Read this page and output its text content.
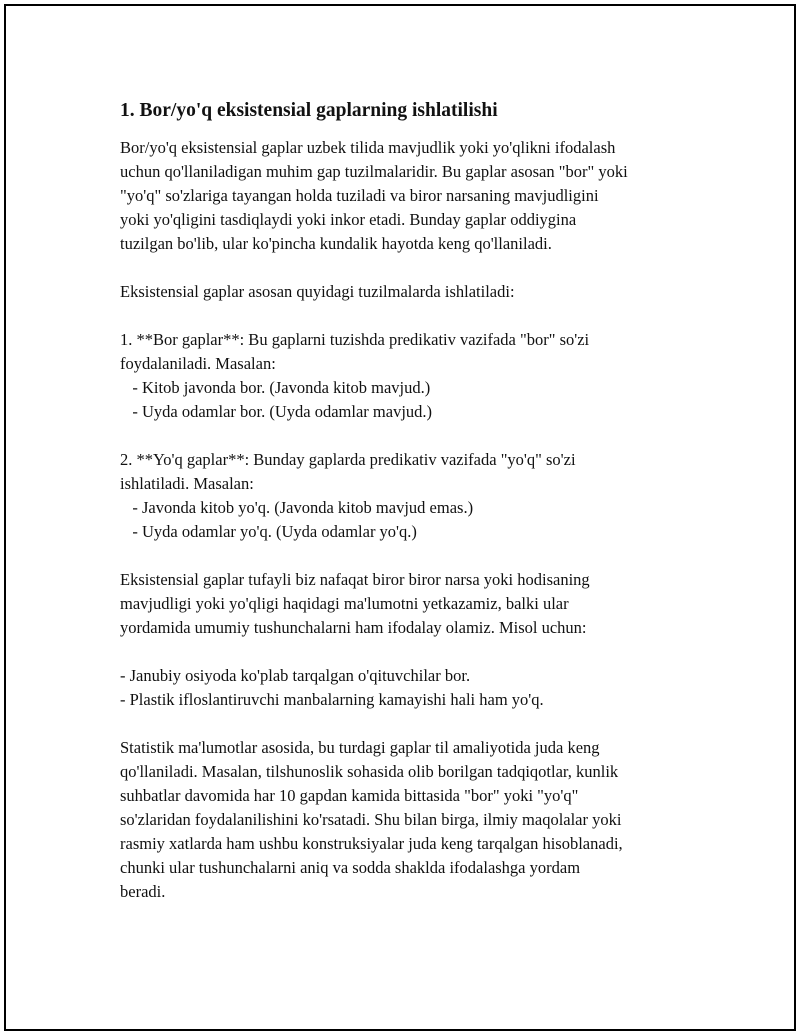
1. Bor/yo'q eksistensial gaplarning ishlatilishi

Bor/yo'q eksistensial gaplar uzbek tilida mavjudlik yoki yo'qlikni ifodalash
uchun qo'llaniladigan muhim gap tuzilmalaridir. Bu gaplar asosan "bor" yoki
"yo'q" so'zlariga tayangan holda tuziladi va biror narsaning mavjudligini
yoki yo'qligini tasdiqlaydi yoki inkor etadi. Bunday gaplar oddiygina
tuzilgan bo'lib, ular ko'pincha kundalik hayotda keng qo'llaniladi.

Eksistensial gaplar asosan quyidagi tuzilmalarda ishlatiladi:

1. **Bor gaplar**: Bu gaplarni tuzishda predikativ vazifada "bor" so'zi
foydalaniladi. Masalan:
- Kitob javonda bor. (Javonda kitob mavjud.)
- Uyda odamlar bor. (Uyda odamlar mavjud.)

2. **Yo'q gaplar**: Bunday gaplarda predikativ vazifada "yo'q" so'zi
ishlatiladi. Masalan:
- Javonda kitob yo'q. (Javonda kitob mavjud emas.)
- Uyda odamlar yo'q. (Uyda odamlar yo'q.)

Eksistensial gaplar tufayli biz nafaqat biror biror narsa yoki hodisaning
mavjudligi yoki yo'qligi haqidagi ma'lumotni yetkazamiz, balki ular
yordamida umumiy tushunchalarni ham ifodalay olamiz. Misol uchun:

- Janubiy osiyoda ko'plab tarqalgan o'qituvchilar bor.
- Plastik ifloslantiruvchi manbalarning kamayishi hali ham yo'q.

Statistik ma'lumotlar asosida, bu turdagi gaplar til amaliyotida juda keng
qo'llaniladi. Masalan, tilshunoslik sohasida olib borilgan tadqiqotlar, kunlik
suhbatlar davomida har 10 gapdan kamida bittasida "bor" yoki "yo'q"
so'zlaridan foydalanilishini ko'rsatadi. Shu bilan birga, ilmiy maqolalar yoki
rasmiy xatlarda ham ushbu konstruksiyalar juda keng tarqalgan hisoblanadi,
chunki ular tushunchalarni aniq va sodda shaklda ifodalashga yordam
beradi.
